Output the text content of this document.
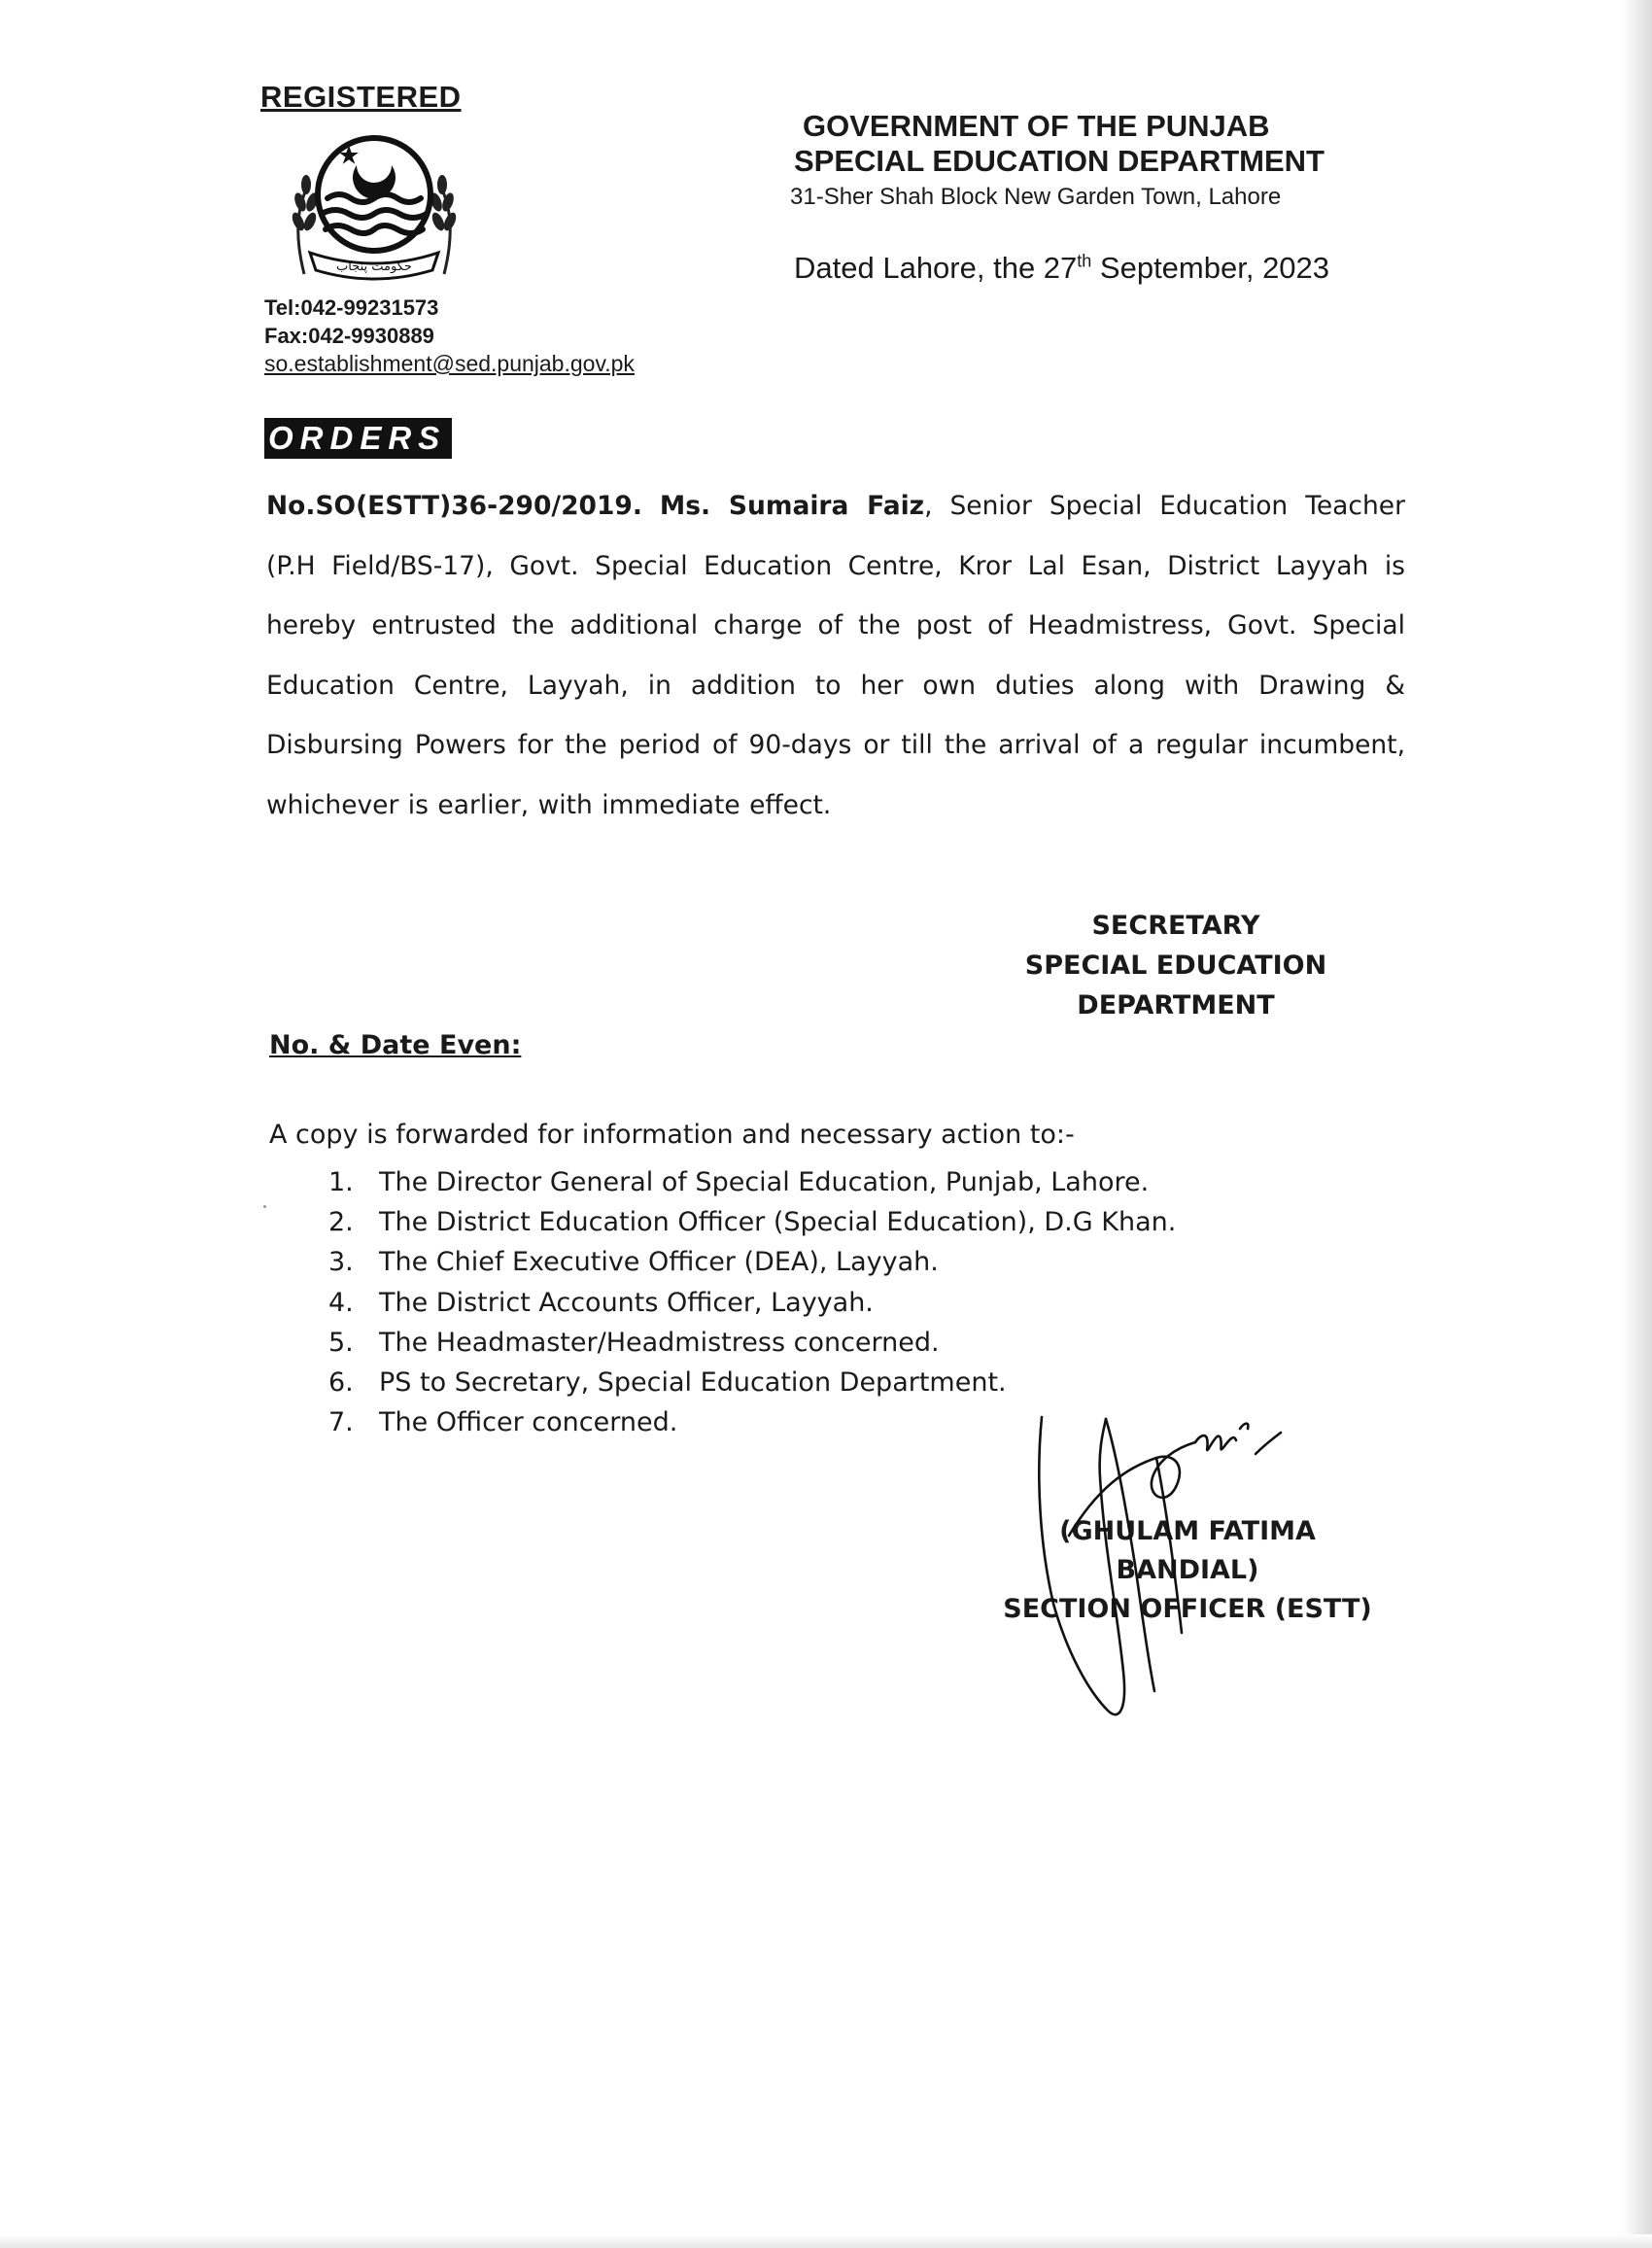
REGISTERED
حکومت پنجاب
Tel:042-99231573
Fax:042-9930889
so.establishment@sed.punjab.gov.pk
GOVERNMENT OF THE PUNJAB
SPECIAL EDUCATION DEPARTMENT
31-Sher Shah Block New Garden Town, Lahore
Dated Lahore, the 27th September, 2023
ORDERS
No.SO(ESTT)36-290/2019. Ms. Sumaira Faiz, Senior Special Education Teacher (P.H Field/BS-17), Govt. Special Education Centre, Kror Lal Esan, District Layyah is hereby entrusted the additional charge of the post of Headmistress, Govt. Special Education Centre, Layyah, in addition to her own duties along with Drawing & Disbursing Powers for the period of 90-days or till the arrival of a regular incumbent, whichever is earlier, with immediate effect.
SECRETARY
SPECIAL EDUCATION
DEPARTMENT
No. & Date Even:
A copy is forwarded for information and necessary action to:-
1. The Director General of Special Education, Punjab, Lahore.
2. The District Education Officer (Special Education), D.G Khan.
3. The Chief Executive Officer (DEA), Layyah.
4. The District Accounts Officer, Layyah.
5. The Headmaster/Headmistress concerned.
6. PS to Secretary, Special Education Department.
7. The Officer concerned.
(GHULAM FATIMA BANDIAL)
SECTION OFFICER (ESTT)
